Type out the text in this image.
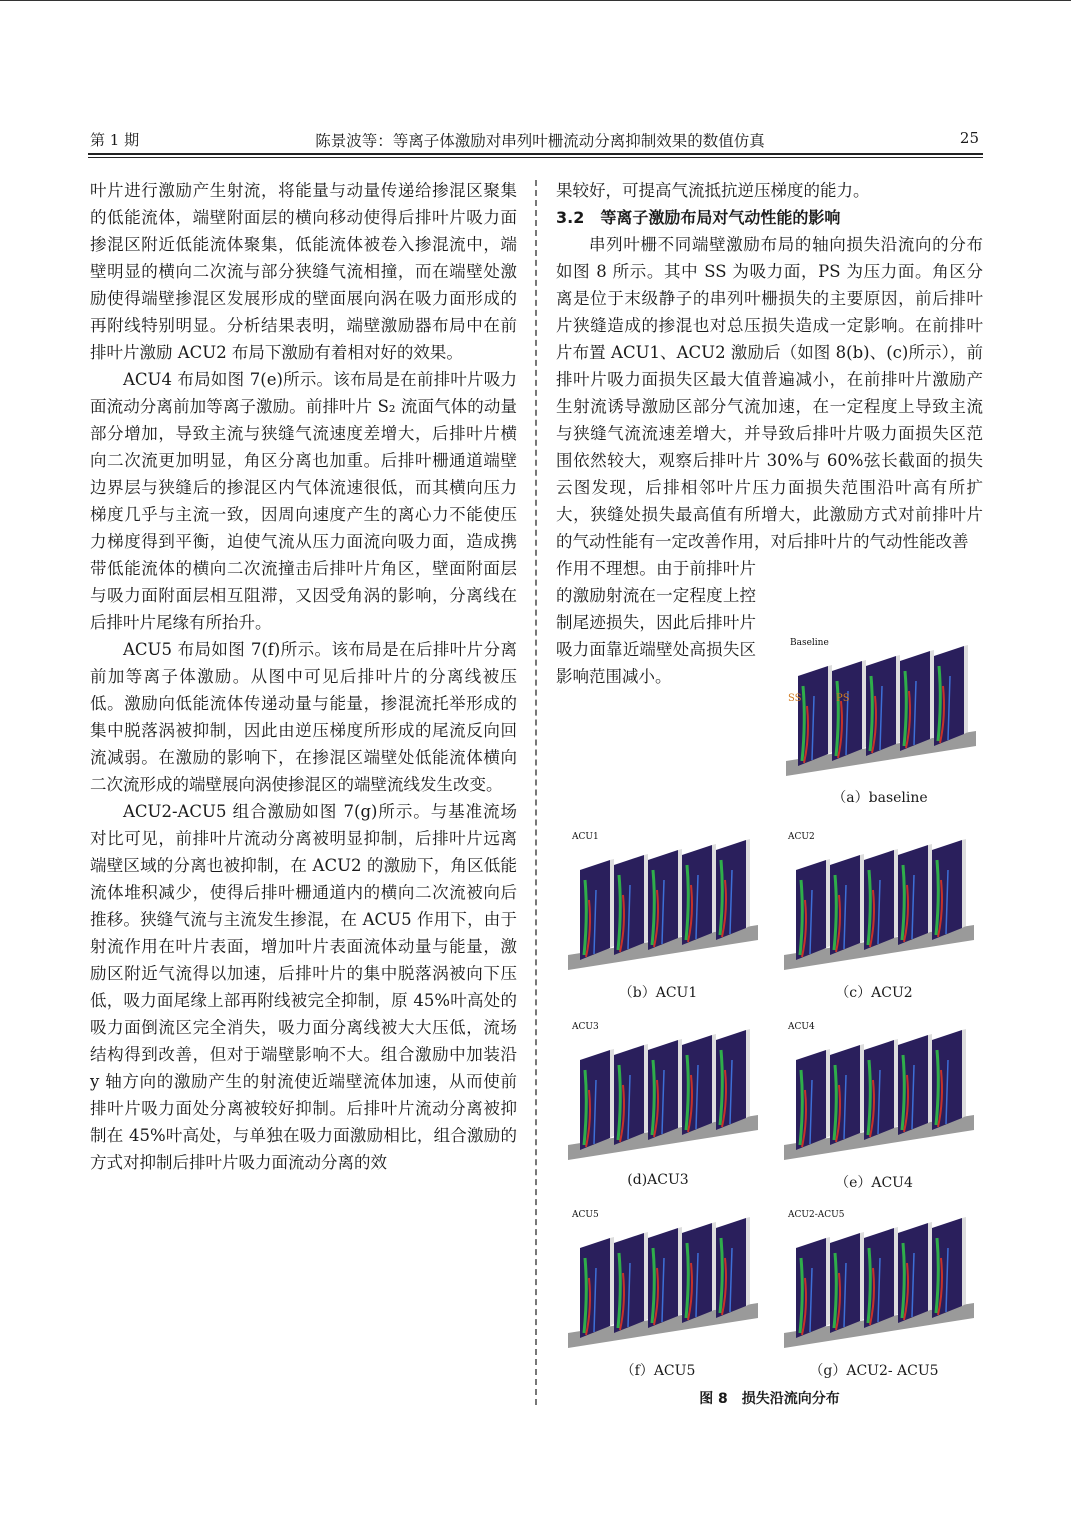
第 1 期	陈景波等：等离子体激励对串列叶栅流动分离抑制效果的数值仿真	25

叶片进行激励产生射流，将能量与动量传递给掺混区聚集的低能流体，端壁附面层的横向移动使得后排叶片吸力面掺混区附近低能流体聚集，低能流体被卷入掺混流中，端壁明显的横向二次流与部分狭缝气流相撞，而在端壁处激励使得端壁掺混区发展形成的壁面展向涡在吸力面形成的再附线特别明显。分析结果表明，端壁激励器布局中在前排叶片激励 ACU2 布局下激励有着相对好的效果。

ACU4 布局如图 7(e)所示。该布局是在前排叶片吸力面流动分离前加等离子激励。前排叶片 S₂ 流面气体的动量部分增加，导致主流与狭缝气流速度差增大，后排叶片横向二次流更加明显，角区分离也加重。后排叶栅通道端壁边界层与狭缝后的掺混区内气体流速很低，而其横向压力梯度几乎与主流一致，因周向速度产生的离心力不能使压力梯度得到平衡，迫使气流从压力面流向吸力面，造成携带低能流体的横向二次流撞击后排叶片角区，壁面附面层与吸力面附面层相互阻滞，又因受角涡的影响，分离线在后排叶片尾缘有所抬升。

ACU5 布局如图 7(f)所示。该布局是在后排叶片分离前加等离子体激励。从图中可见后排叶片的分离线被压低。激励向低能流体传递动量与能量，掺混流托举形成的集中脱落涡被抑制，因此由逆压梯度所形成的尾流反向回流减弱。在激励的影响下，在掺混区端壁处低能流体横向二次流形成的端壁展向涡使掺混区的端壁流线发生改变。

ACU2-ACU5 组合激励如图 7(g)所示。与基准流场对比可见，前排叶片流动分离被明显抑制，后排叶片远离端壁区域的分离也被抑制，在 ACU2 的激励下，角区低能流体堆积减少，使得后排叶栅通道内的横向二次流被向后推移。狭缝气流与主流发生掺混，在 ACU5 作用下，由于射流作用在叶片表面，增加叶片表面流体动量与能量，激励区附近气流得以加速，后排叶片的集中脱落涡被向下压低，吸力面尾缘上部再附线被完全抑制，原 45%叶高处的吸力面倒流区完全消失，吸力面分离线被大大压低，流场结构得到改善，但对于端壁影响不大。组合激励中加装沿 y 轴方向的激励产生的射流使近端壁流体加速，从而使前排叶片吸力面处分离被较好抑制。后排叶片流动分离被抑制在 45%叶高处，与单独在吸力面激励相比，组合激励的方式对抑制后排叶片吸力面流动分离的效

果较好，可提高气流抵抗逆压梯度的能力。

3.2　等离子激励布局对气动性能的影响

串列叶栅不同端壁激励布局的轴向损失沿流向的分布如图 8 所示。其中 SS 为吸力面，PS 为压力面。角区分离是位于末级静子的串列叶栅损失的主要原因，前后排叶片狭缝造成的掺混也对总压损失造成一定影响。在前排叶片布置 ACU1、ACU2 激励后（如图 8(b)、(c)所示），前排叶片吸力面损失区最大值普遍减小，在前排叶片激励产生射流诱导激励区部分气流加速，在一定程度上导致主流与狭缝气流流速差增大，并导致后排叶片吸力面损失区范围依然较大，观察后排叶片 30%与 60%弦长截面的损失云图发现，后排相邻叶片压力面损失范围沿叶高有所扩大，狭缝处损失最高值有所增大，此激励方式对前排叶片的气动性能有一定改善作用，对后排叶片的气动性能改善

作用不理想。由于前排叶片的激励射流在一定程度上控制尾迹损失，因此后排叶片吸力面靠近端壁处高损失区影响范围减小。

图 8　损失沿流向分布
Baseline
SS	PS
（a）baseline
ACU1
（b）ACU1
ACU2
（c）ACU2
ACU3
(d)ACU3
ACU4
（e）ACU4
ACU5
（f）ACU5
ACU2-ACU5
（g）ACU2- ACU5
